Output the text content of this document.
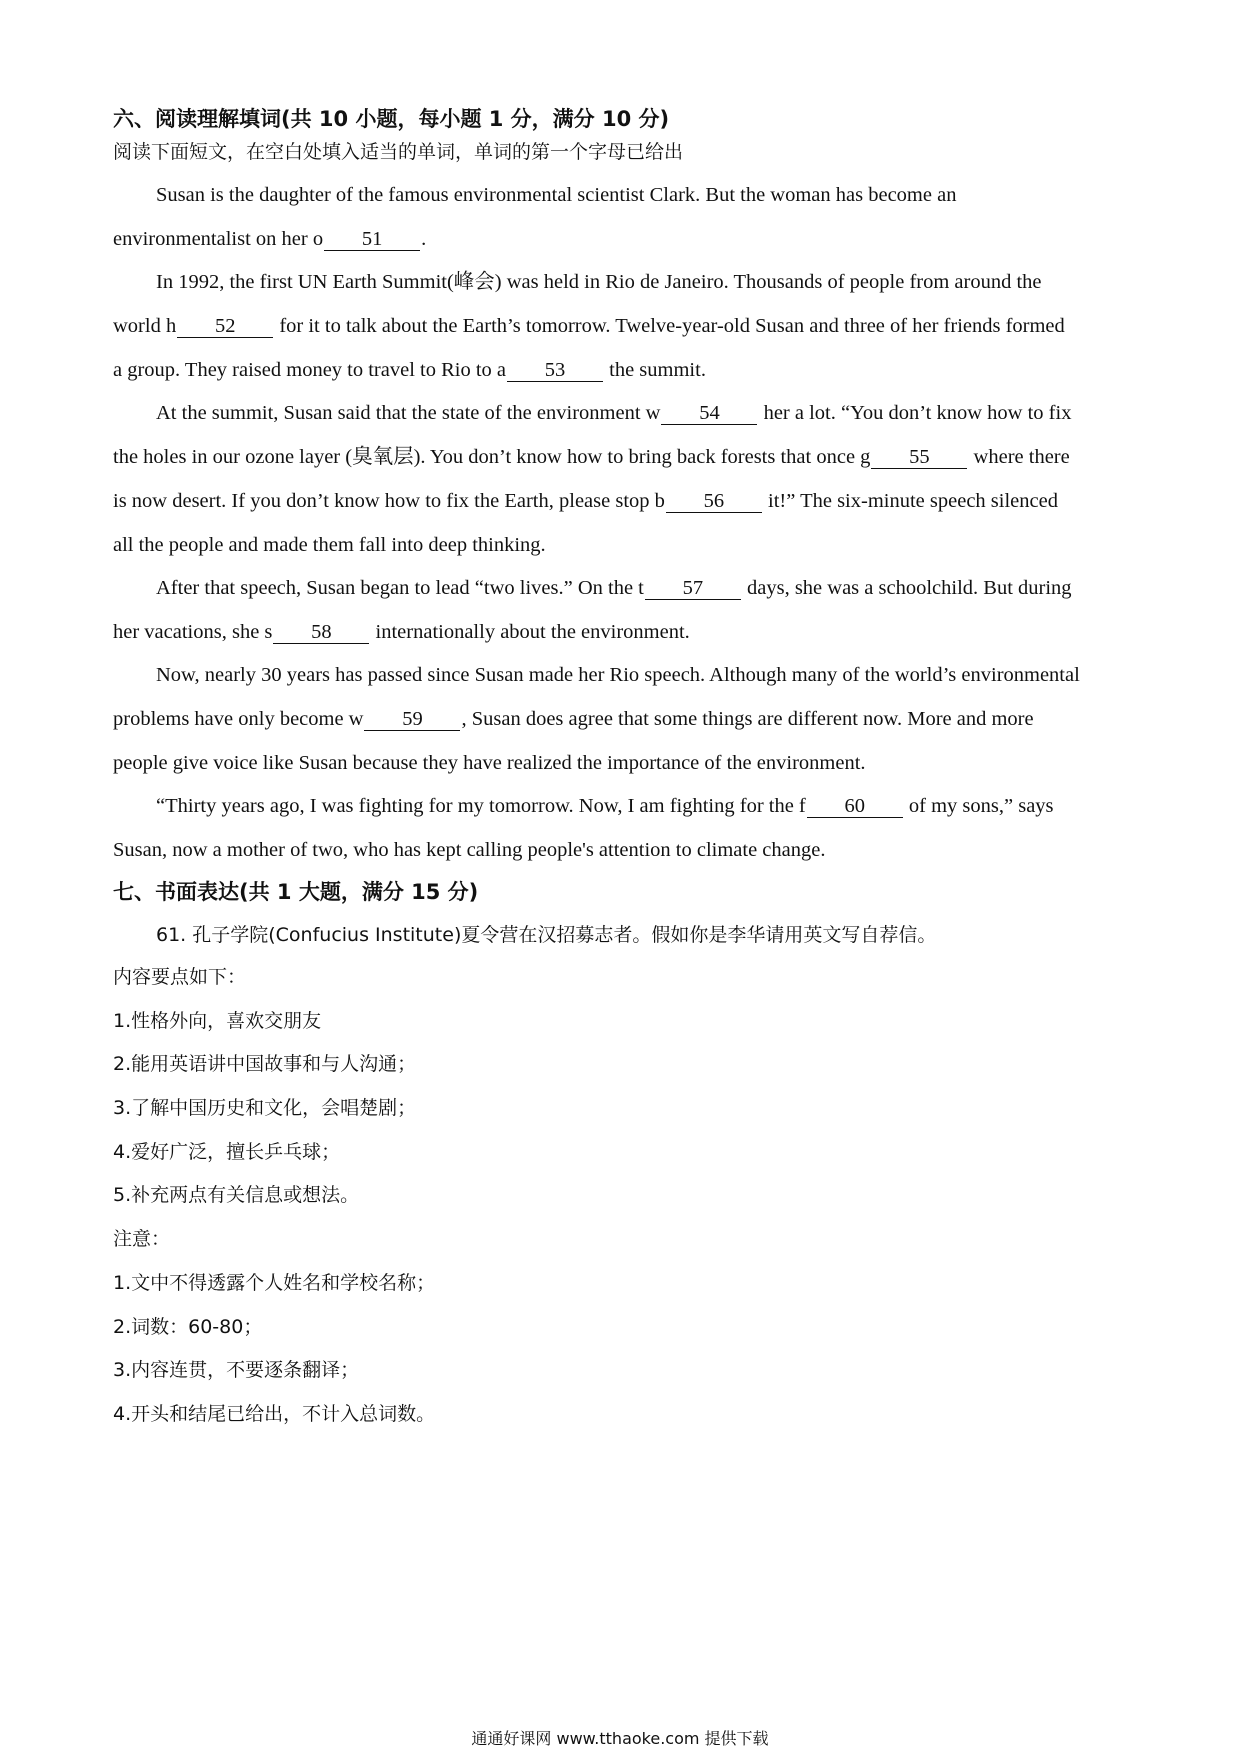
六、阅读理解填词(共 10 小题，每小题 1 分，满分 10 分)
阅读下面短文，在空白处填入适当的单词，单词的第一个字母已给出
Susan is the daughter of the famous environmental scientist Clark. But the woman has become an
environmentalist on her o 51 .
In 1992, the first UN Earth Summit(峰会) was held in Rio de Janeiro. Thousands of people from around the
world h 52 for it to talk about the Earth’s tomorrow. Twelve-year-old Susan and three of her friends formed
a group. They raised money to travel to Rio to a 53 the summit.
At the summit, Susan said that the state of the environment w 54 her a lot. “You don’t know how to fix
the holes in our ozone layer (臭氧层). You don’t know how to bring back forests that once g 55 where there
is now desert. If you don’t know how to fix the Earth, please stop b 56 it!” The six-minute speech silenced
all the people and made them fall into deep thinking.
After that speech, Susan began to lead “two lives.” On the t 57 days, she was a schoolchild. But during
her vacations, she s 58 internationally about the environment.
Now, nearly 30 years has passed since Susan made her Rio speech. Although many of the world’s environmental
problems have only become w 59 , Susan does agree that some things are different now. More and more
people give voice like Susan because they have realized the importance of the environment.
“Thirty years ago, I was fighting for my tomorrow. Now, I am fighting for the f 60 of my sons,” says
Susan, now a mother of two, who has kept calling people's attention to climate change.
七、书面表达(共 1 大题，满分 15 分)
61. 孔子学院(Confucius Institute)夏令营在汉招募志者。假如你是李华请用英文写自荐信。
内容要点如下：
1.性格外向，喜欢交朋友
2.能用英语讲中国故事和与人沟通；
3.了解中国历史和文化，会唱楚剧；
4.爱好广泛，擅长乒乓球；
5.补充两点有关信息或想法。
注意：
1.文中不得透露个人姓名和学校名称；
2.词数：60-80；
3.内容连贯，不要逐条翻译；
4.开头和结尾已给出，不计入总词数。
通通好课网 www.tthaoke.com 提供下载
